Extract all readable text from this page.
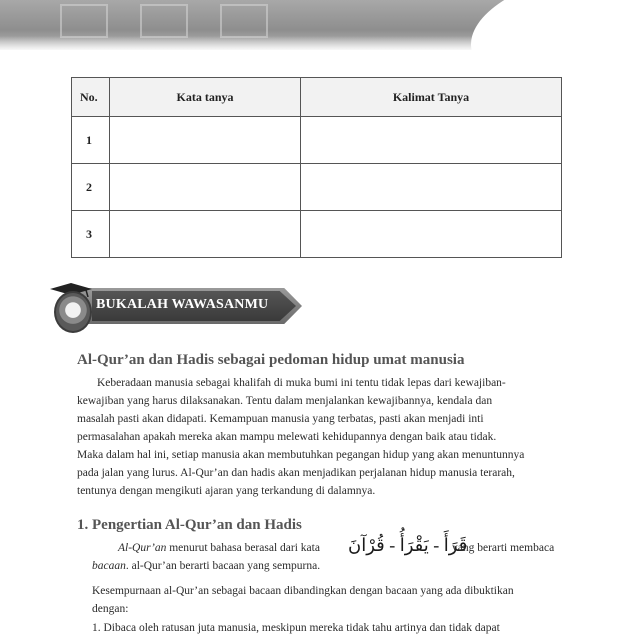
No.	Kata tanya	Kalimat Tanya
1		
2		
3		
BUKALAH WAWASANMU
Al-Qur’an dan Hadis sebagai pedoman hidup umat manusia
Keberadaan manusia sebagai khalifah di muka bumi ini tentu tidak lepas dari kewajiban-
kewajiban yang harus dilaksanakan. Tentu dalam menjalankan kewajibannya, kendala dan
masalah pasti akan didapati. Kemampuan manusia yang terbatas, pasti akan menjadi inti
permasalahan apakah mereka akan mampu melewati kehidupannya dengan baik atau tidak.
Maka dalam hal ini, setiap manusia akan membutuhkan pegangan hidup yang akan menuntunnya
pada jalan yang lurus. Al-Qur’an dan hadis akan menjadikan perjalanan hidup manusia terarah,
tentunya dengan mengikuti ajaran yang terkandung di dalamnya.
1. Pengertian Al-Qur’an dan Hadis
Al-Qur’an menurut bahasa berasal dari kata قَرَأَ ‑ يَقْرَأُ ‑ قُرْآنَ
yang berarti membaca
bacaan. al-Qur’an berarti bacaan yang sempurna.
Kesempurnaan al-Qur’an sebagai bacaan dibandingkan dengan bacaan yang ada dibuktikan
dengan:
1. Dibaca oleh ratusan juta manusia, meskipun mereka tidak tahu artinya dan tidak dapat
